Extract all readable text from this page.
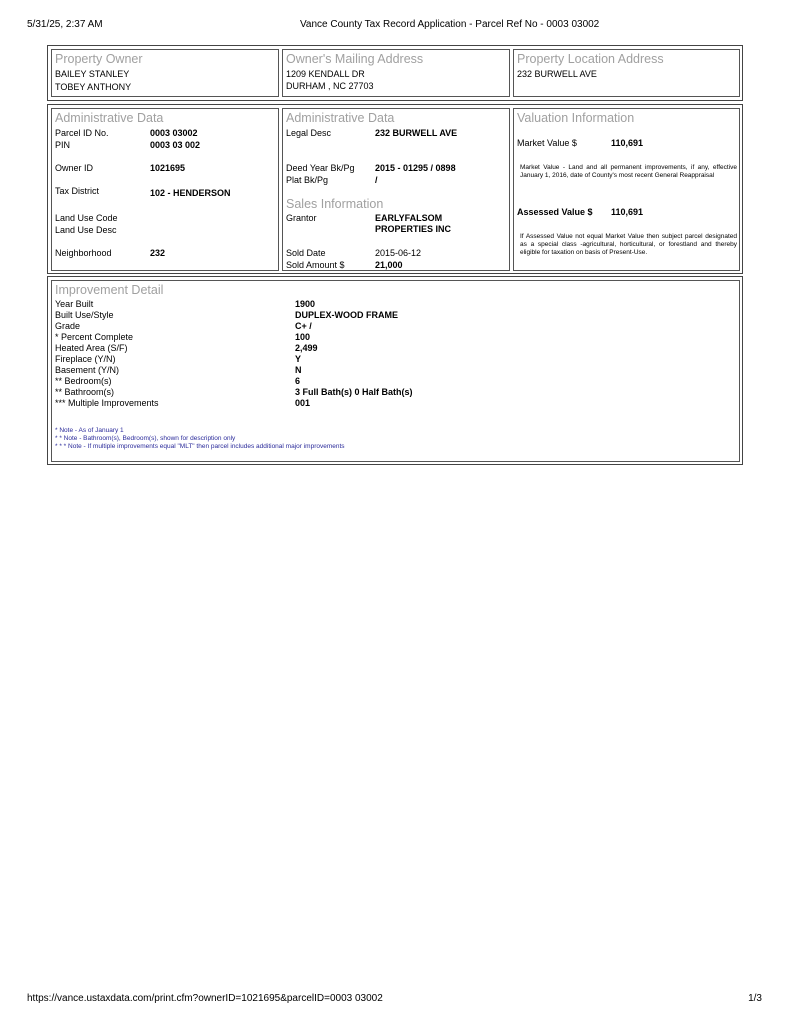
5/31/25, 2:37 AM	Vance County Tax Record Application - Parcel Ref No - 0003 03002
Property Owner
BAILEY STANLEY
TOBEY ANTHONY
Owner's Mailing Address
1209 KENDALL DR
DURHAM , NC 27703
Property Location Address
232 BURWELL AVE
Administrative Data
Parcel ID No.	0003 03002
PIN	0003 03 002
Owner ID	1021695
Tax District	102 - HENDERSON
Land Use Code
Land Use Desc
Neighborhood	232
Administrative Data
Legal Desc	232 BURWELL AVE
Deed Year Bk/Pg 2015 - 01295 / 0898
Plat Bk/Pg	/
Sales Information
Grantor	EARLYFALSOM
PROPERTIES INC
Sold Date	2015-06-12
Sold Amount $	21,000
Valuation Information
Market Value $	110,691
Market Value - Land and all permanent improvements, if any, effective January 1, 2016, date of County's most recent General Reappraisal
Assessed Value $ 110,691
If Assessed Value not equal Market Value then subject parcel designated as a special class -agricultural, horticultural, or forestland and thereby eligible for taxation on basis of Present-Use.
Improvement Detail
Year Built	1900
Built Use/Style	DUPLEX-WOOD FRAME
Grade	C+ /
* Percent Complete	100
Heated Area (S/F)	2,499
Fireplace (Y/N)	Y
Basement (Y/N)	N
** Bedroom(s)	6
** Bathroom(s)	3 Full Bath(s) 0 Half Bath(s)
*** Multiple Improvements	001
* Note - As of January 1
* * Note - Bathroom(s), Bedroom(s), shown for description only
* * * Note - If multiple improvements equal "MLT" then parcel includes additional major improvements
https://vance.ustaxdata.com/print.cfm?ownerID=1021695&parcelID=0003 03002	1/3
